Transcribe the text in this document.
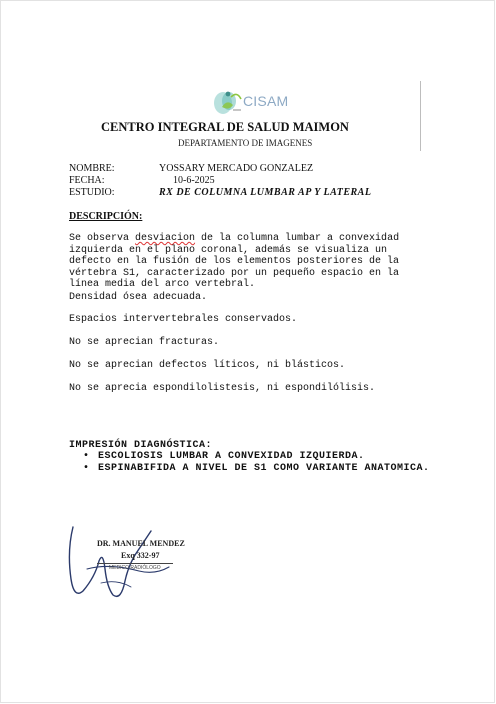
CISAM
CENTRO INTEGRAL DE SALUD MAIMON
DEPARTAMENTO DE IMAGENES
NOMBRE:	YOSSARY MERCADO GONZALEZ
FECHA:	10-6-2025
ESTUDIO:	RX DE COLUMNA LUMBAR AP Y LATERAL
DESCRIPCIÓN:

Se observa desviacion de la columna lumbar a convexidad izquierda en el plano coronal, además se visualiza un defecto en la fusión de los elementos posteriores de la vértebra S1, caracterizado por un pequeño espacio en la línea media del arco vertebral.

Densidad ósea adecuada.

Espacios intervertebrales conservados.

No se aprecian fracturas.

No se aprecian defectos líticos, ni blásticos.

No se aprecia espondilolistesis, ni espondilólisis.

IMPRESIÓN DIAGNÓSTICA:
• ESCOLIOSIS LUMBAR A CONVEXIDAD IZQUIERDA.
• ESPINABIFIDA A NIVEL DE S1 COMO VARIANTE ANATOMICA.
DR. MANUEL MENDEZ
Exq 332-97
MEDICO RADIÓLOGO
